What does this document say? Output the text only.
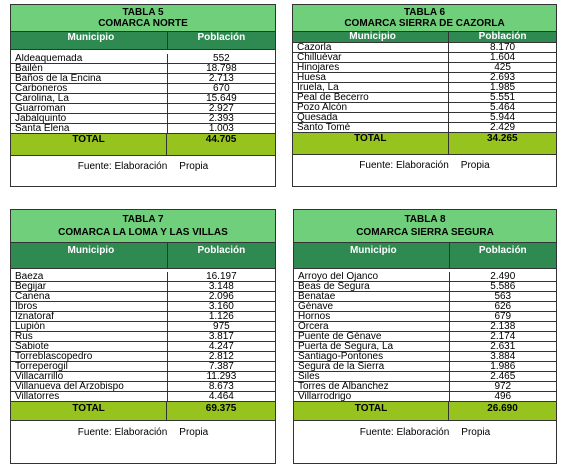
TABLA 5
COMARCA NORTE
Municipio	Población
Aldeaquemada	552
Bailén	18.798
Baños de la Encina	2.713
Carboneros	670
Carolina, La	15.649
Guarroman	2.927
Jabalquinto	2.393
Santa Elena	1.003
TOTAL	44.705
Fuente: Elaboración Propia
TABLA 6
COMARCA SIERRA DE CAZORLA
Municipio	Población
Cazorla	8.170
Chilluévar	1.604
Hinojares	425
Huesa	2.693
Iruela, La	1.985
Peal de Becerro	5.551
Pozo Alcón	5.464
Quesada	5.944
Santo Tomé	2.429
TOTAL	34.265
Fuente: Elaboración Propia
TABLA 7
COMARCA LA LOMA Y LAS VILLAS
Municipio	Población
Baeza	16.197
Begijar	3.148
Canena	2.096
Ibros	3.160
Iznatoraf	1.126
Lupión	975
Rus	3.817
Sabiote	4.247
Torreblascopedro	2.812
Torreperogil	7.387
Villacarrillo	11.293
Villanueva del Arzobispo	8.673
Villatorres	4.464
TOTAL	69.375
Fuente: Elaboración Propia
TABLA 8
COMARCA SIERRA SEGURA
Municipio	Población
Arroyo del Ojanco	2.490
Beas de Segura	5.586
Benatae	563
Génave	626
Hornos	679
Orcera	2.138
Puente de Génave	2.174
Puerta de Segura, La	2.631
Santiago-Pontones	3.884
Segura de la Sierra	1.986
Siles	2.465
Torres de Albanchez	972
Villarrodrigo	496
TOTAL	26.690
Fuente: Elaboración Propia
